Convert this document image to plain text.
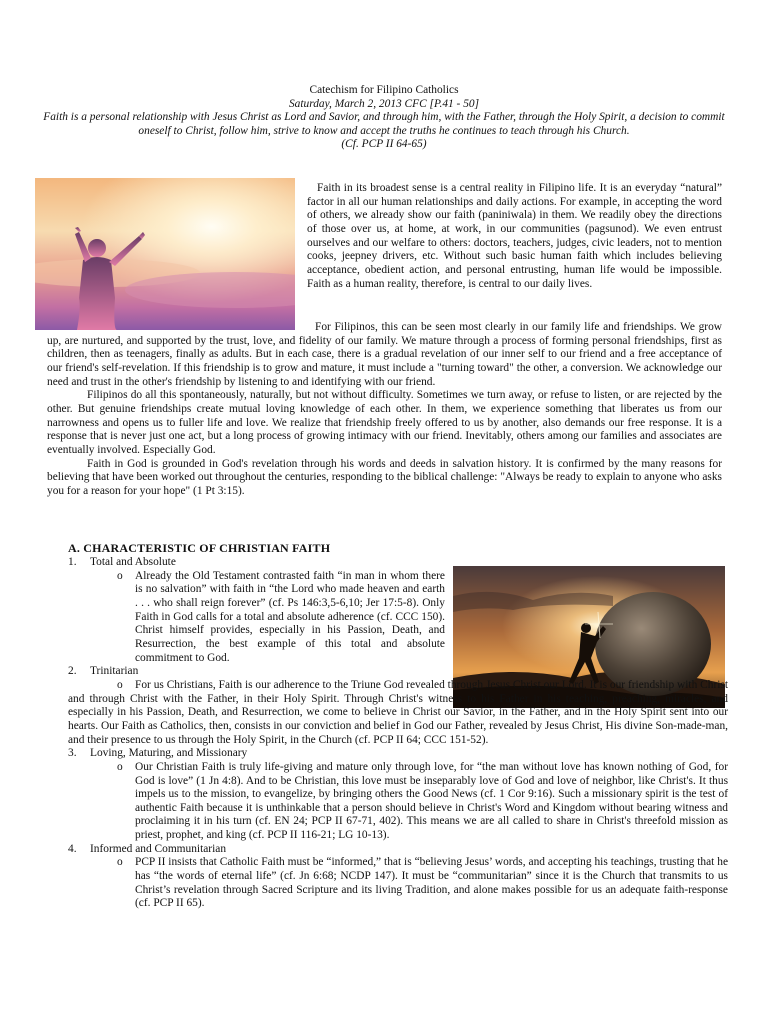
Catechism for Filipino Catholics

Saturday, March 2, 2013 CFC [P.41 - 50]

Faith is a personal relationship with Jesus Christ as Lord and Savior, and through him, with the Father, through the Holy Spirit, a decision to commit oneself to Christ, follow him, strive to know and accept the truths he continues to teach through his Church.

(Cf. PCP II 64-65)

Faith in its broadest sense is a central reality in Filipino life. It is an everyday “natural” factor in all our human relationships and daily actions. For example, in accepting the word of others, we already show our faith (paniniwala) in them. We readily obey the directions of those over us, at home, at work, in our communities (pagsunod). We even entrust ourselves and our welfare to others: doctors, teachers, judges, civic leaders, not to mention cooks, jeepney drivers, etc. Without such basic human faith which includes believing acceptance, obedient action, and personal entrusting, human life would be impossible. Faith as a human reality, therefore, is central to our daily lives.

For Filipinos, this can be seen most clearly in our family life and friendships. We grow up, are nurtured, and supported by the trust, love, and fidelity of our family. We mature through a process of forming personal friendships, first as children, then as teenagers, finally as adults. But in each case, there is a gradual revelation of our inner self to our friend and a free acceptance of our friend's self-revelation. If this friendship is to grow and mature, it must include a "turning toward" the other, a conversion. We acknowledge our need and trust in the other's friendship by listening to and identifying with our friend.

Filipinos do all this spontaneously, naturally, but not without difficulty. Sometimes we turn away, or refuse to listen, or are rejected by the other. But genuine friendships create mutual loving knowledge of each other. In them, we experience something that liberates us from our narrowness and opens us to fuller life and love. We realize that friendship freely offered to us by another, also demands our free response. It is a response that is never just one act, but a long process of growing intimacy with our friend. Inevitably, others among our families and associates are eventually involved. Especially God.

Faith in God is grounded in God's revelation through his words and deeds in salvation history. It is confirmed by the many reasons for believing that have been worked out throughout the centuries, responding to the biblical challenge: "Always be ready to explain to anyone who asks you for a reason for your hope" (1 Pt 3:15).

A. CHARACTERISTIC OF CHRISTIAN FAITH
1. Total and Absolute
o Already the Old Testament contrasted faith “in man in whom there is no salvation” with faith in “the Lord who made heaven and earth . . . who shall reign forever” (cf. Ps 146:3,5-6,10; Jer 17:5-8). Only Faith in God calls for a total and absolute adherence (cf. CCC 150). Christ himself provides, especially in his Passion, Death, and Resurrection, the best example of this total and absolute commitment to God.

2. Trinitarian
o	For us Christians, Faith is our adherence to the Triune God revealed through Jesus Christ our Lord. It is our friendship with Christ and through Christ with the Father, in their Holy Spirit. Through Christ's witness to his Father in his teaching, preaching, miracles, and especially in his Passion, Death, and Resurrection, we come to believe in Christ our Savior, in the Father, and in the Holy Spirit sent into our hearts. Our Faith as Catholics, then, consists in our conviction and belief in God our Father, revealed by Jesus Christ, His divine Son-made-man, and their presence to us through the Holy Spirit, in the Church (cf. PCP II 64; CCC 151-52).

3. Loving, Maturing, and Missionary
o Our Christian Faith is truly life-giving and mature only through love, for “the man without love has known nothing of God, for God is love” (1 Jn 4:8). And to be Christian, this love must be inseparably love of God and love of neighbor, like Christ's. It thus impels us to the mission, to evangelize, by bringing others the Good News (cf. 1 Cor 9:16). Such a missionary spirit is the test of authentic Faith because it is unthinkable that a person should believe in Christ's Word and Kingdom without bearing witness and proclaiming it in his turn (cf. EN 24; PCP II 67-71, 402). This means we are all called to share in Christ's threefold mission as priest, prophet, and king (cf. PCP II 116-21; LG 10-13).

4. Informed and Communitarian
o PCP II insists that Catholic Faith must be “informed,” that is “believing Jesus’ words, and accepting his teachings, trusting that he has “the words of eternal life” (cf. Jn 6:68; NCDP 147). It must be “communitarian” since it is the Church that transmits to us Christ’s revelation through Sacred Scripture and its living Tradition, and alone makes possible for us an adequate faith-response (cf. PCP II 65).
